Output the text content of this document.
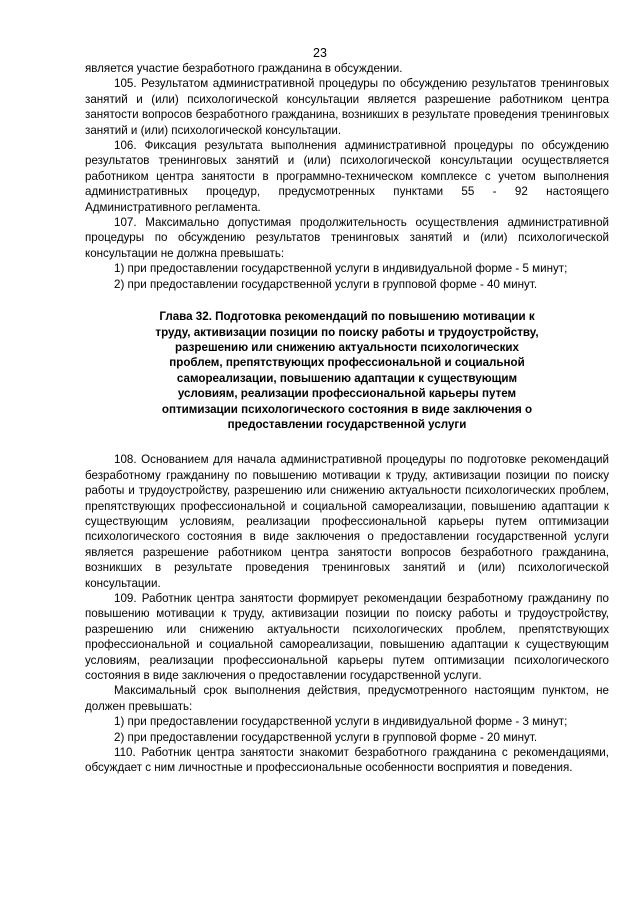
23

является участие безработного гражданина в обсуждении.

105. Результатом административной процедуры по обсуждению результатов тренинговых занятий и (или) психологической консультации является разрешение работником центра занятости вопросов безработного гражданина, возникших в результате проведения тренинговых занятий и (или) психологической консультации.

106. Фиксация результата выполнения административной процедуры по обсуждению результатов тренинговых занятий и (или) психологической консультации осуществляется работником центра занятости в программно-техническом комплексе с учетом выполнения административных процедур, предусмотренных пунктами 55 - 92 настоящего Административного регламента.

107. Максимально допустимая продолжительность осуществления административной процедуры по обсуждению результатов тренинговых занятий и (или) психологической консультации не должна превышать:

1) при предоставлении государственной услуги в индивидуальной форме - 5 минут;

2) при предоставлении государственной услуги в групповой форме - 40 минут.

Глава 32. Подготовка рекомендаций по повышению мотивации к труду, активизации позиции по поиску работы и трудоустройству, разрешению или снижению актуальности психологических проблем, препятствующих профессиональной и социальной самореализации, повышению адаптации к существующим условиям, реализации профессиональной карьеры путем оптимизации психологического состояния в виде заключения о предоставлении государственной услуги

108. Основанием для начала административной процедуры по подготовке рекомендаций безработному гражданину по повышению мотивации к труду, активизации позиции по поиску работы и трудоустройству, разрешению или снижению актуальности психологических проблем, препятствующих профессиональной и социальной самореализации, повышению адаптации к существующим условиям, реализации профессиональной карьеры путем оптимизации психологического состояния в виде заключения о предоставлении государственной услуги является разрешение работником центра занятости вопросов безработного гражданина, возникших в результате проведения тренинговых занятий и (или) психологической консультации.

109. Работник центра занятости формирует рекомендации безработному гражданину по повышению мотивации к труду, активизации позиции по поиску работы и трудоустройству, разрешению или снижению актуальности психологических проблем, препятствующих профессиональной и социальной самореализации, повышению адаптации к существующим условиям, реализации профессиональной карьеры путем оптимизации психологического состояния в виде заключения о предоставлении государственной услуги.

Максимальный срок выполнения действия, предусмотренного настоящим пунктом, не должен превышать:

1) при предоставлении государственной услуги в индивидуальной форме - 3 минут;

2) при предоставлении государственной услуги в групповой форме - 20 минут.

110. Работник центра занятости знакомит безработного гражданина с рекомендациями, обсуждает с ним личностные и профессиональные особенности восприятия и поведения.
